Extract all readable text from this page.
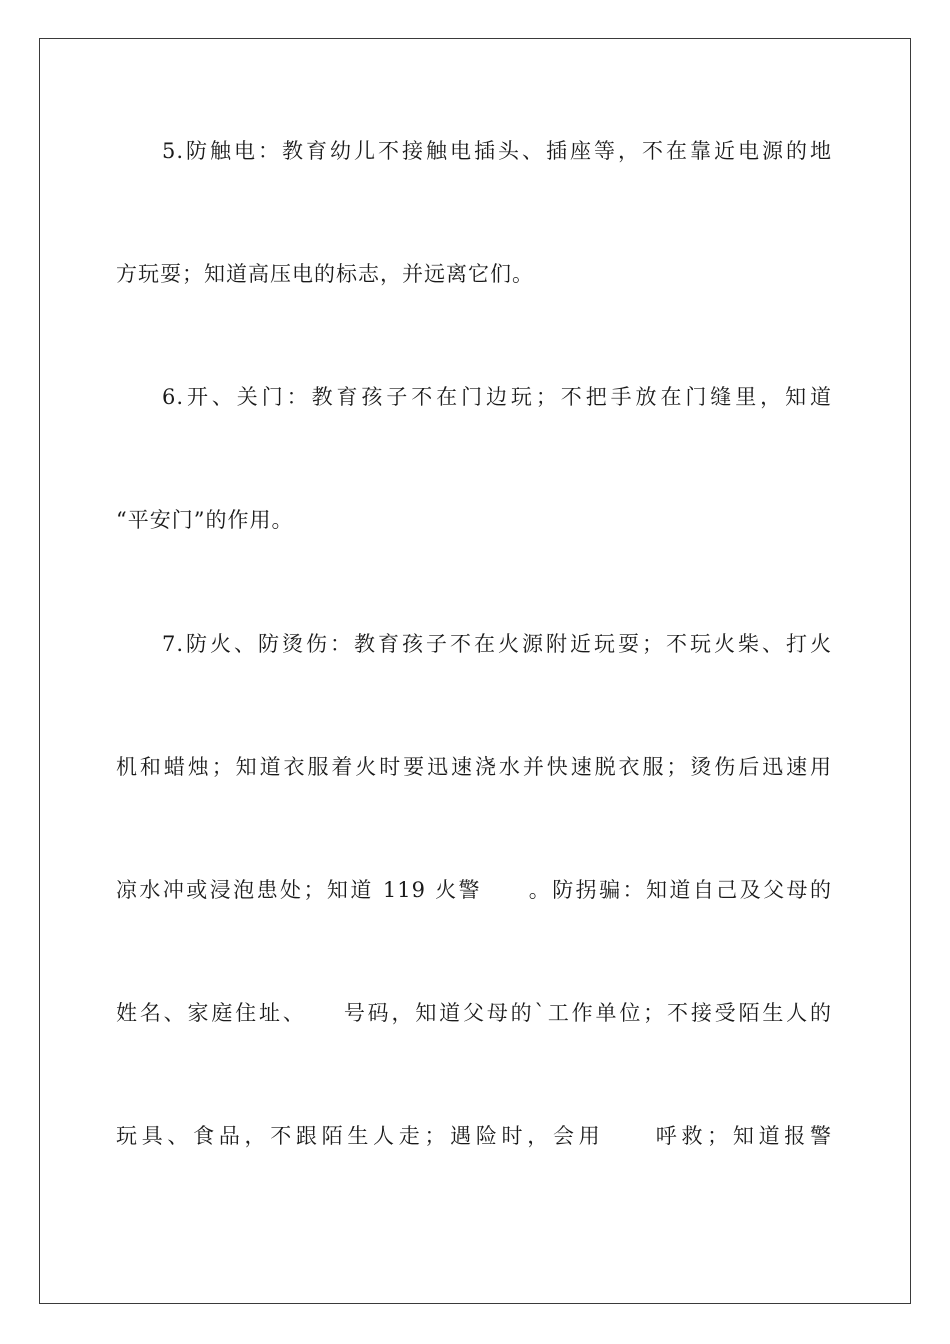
5.防触电：教育幼儿不接触电插头、插座等，不在靠近电源的地
方玩耍；知道高压电的标志，并远离它们。
6.开、关门：教育孩子不在门边玩；不把手放在门缝里，知道
“平安门”的作用。
7.防火、防烫伤：教育孩子不在火源附近玩耍；不玩火柴、打火
机和蜡烛；知道衣服着火时要迅速浇水并快速脱衣服；烫伤后迅速用
凉水冲或浸泡患处；知道 119 火警　　。防拐骗：知道自己及父母的
姓名、家庭住址、　　号码，知道父母的`工作单位；不接受陌生人的
玩具、食品，不跟陌生人走；遇险时，会用　　呼救；知道报警
